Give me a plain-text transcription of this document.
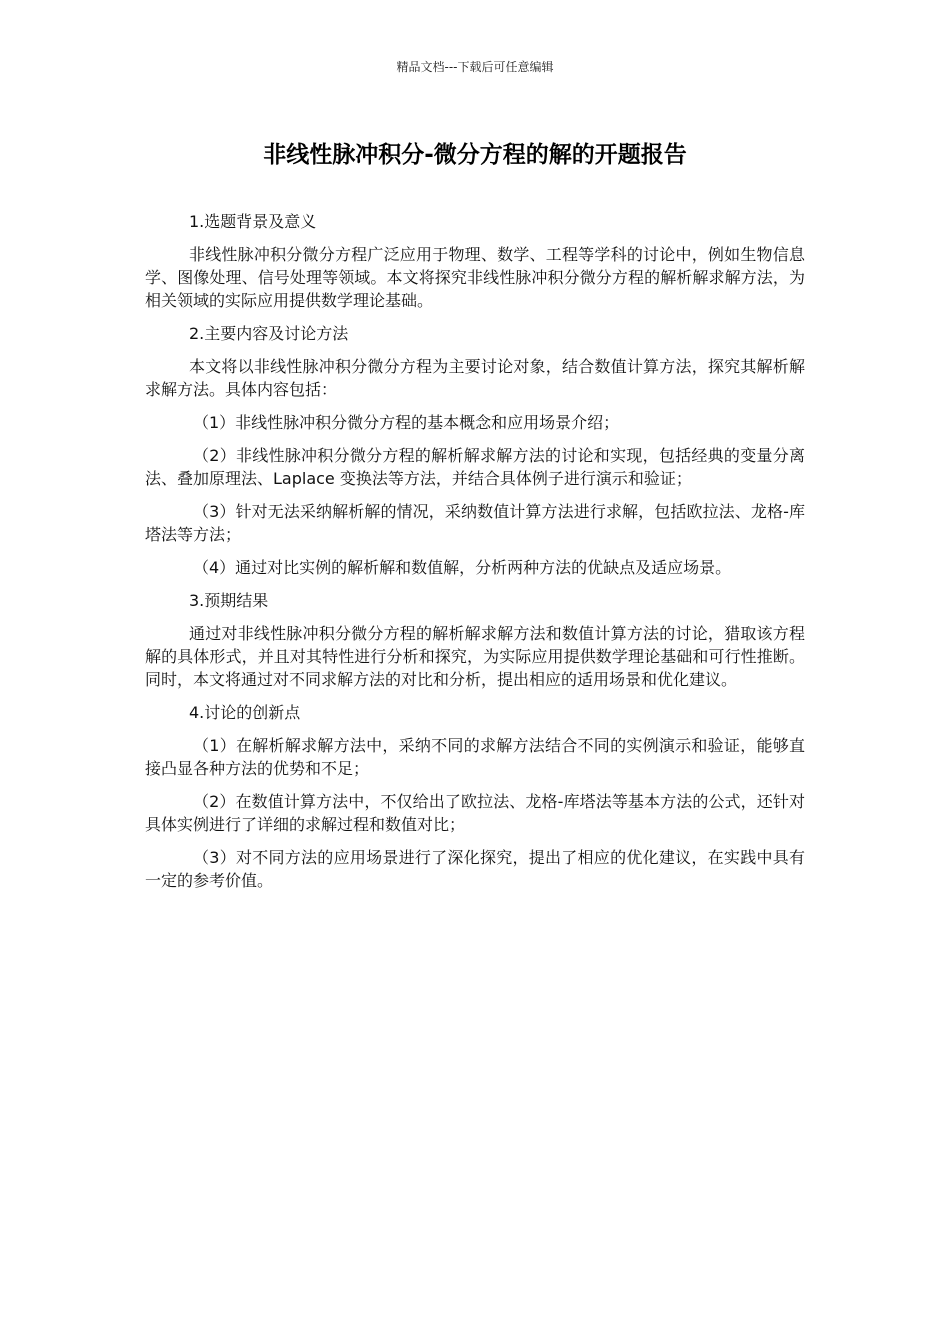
精品文档---下载后可任意编辑
非线性脉冲积分-微分方程的解的开题报告

1.选题背景及意义

非线性脉冲积分微分方程广泛应用于物理、数学、工程等学科的讨论中，例如生物信息学、图像处理、信号处理等领域。本文将探究非线性脉冲积分微分方程的解析解求解方法，为相关领域的实际应用提供数学理论基础。

2.主要内容及讨论方法

本文将以非线性脉冲积分微分方程为主要讨论对象，结合数值计算方法，探究其解析解求解方法。具体内容包括：

（1）非线性脉冲积分微分方程的基本概念和应用场景介绍；

（2）非线性脉冲积分微分方程的解析解求解方法的讨论和实现，包括经典的变量分离法、叠加原理法、Laplace 变换法等方法，并结合具体例子进行演示和验证；

（3）针对无法采纳解析解的情况，采纳数值计算方法进行求解，包括欧拉法、龙格-库塔法等方法；

（4）通过对比实例的解析解和数值解，分析两种方法的优缺点及适应场景。

3.预期结果

通过对非线性脉冲积分微分方程的解析解求解方法和数值计算方法的讨论，猎取该方程解的具体形式，并且对其特性进行分析和探究，为实际应用提供数学理论基础和可行性推断。同时，本文将通过对不同求解方法的对比和分析，提出相应的适用场景和优化建议。

4.讨论的创新点

（1）在解析解求解方法中，采纳不同的求解方法结合不同的实例演示和验证，能够直接凸显各种方法的优势和不足；

（2）在数值计算方法中，不仅给出了欧拉法、龙格-库塔法等基本方法的公式，还针对具体实例进行了详细的求解过程和数值对比；

（3）对不同方法的应用场景进行了深化探究，提出了相应的优化建议，在实践中具有一定的参考价值。
